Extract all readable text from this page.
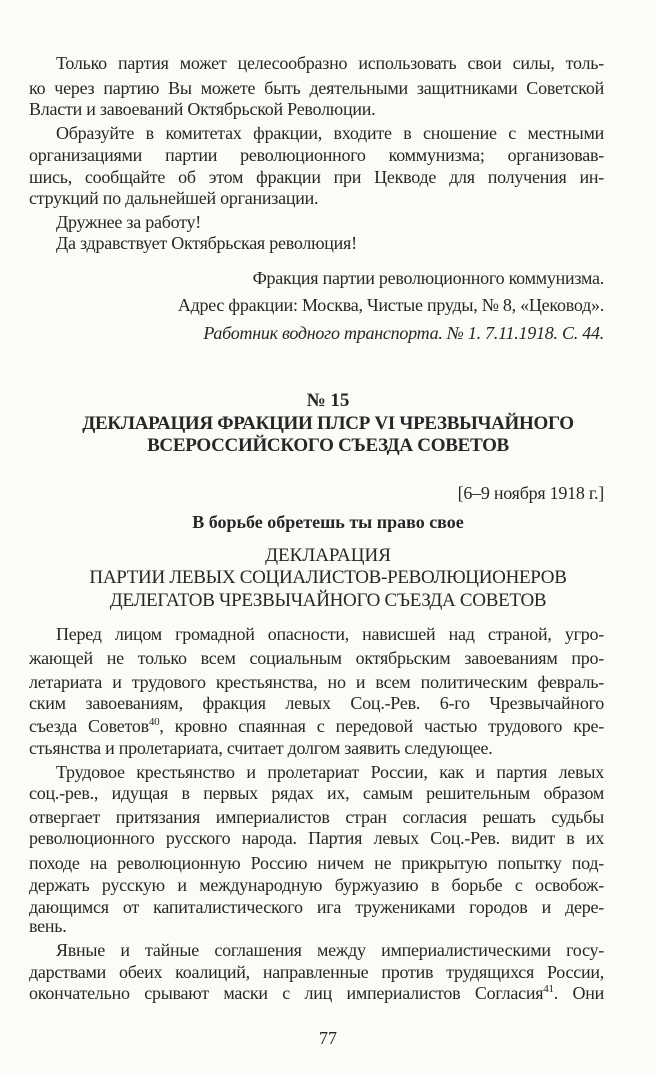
Только партия может целесообразно использовать свои силы, толь-
ко через партию Вы можете быть деятельными защитниками Советской
Власти и завоеваний Октябрьской Революции.
Образуйте в комитетах фракции, входите в сношение с местными
организациями партии революционного коммунизма; организовав-
шись, сообщайте об этом фракции при Цекводе для получения ин-
струкций по дальнейшей организации.
Дружнее за работу!
Да здравствует Октябрьская революция!
Фракция партии революционного коммунизма.
Адрес фракции: Москва, Чистые пруды, № 8, «Цековод».
Работник водного транспорта. № 1. 7.11.1918. С. 44.
№ 15
ДЕКЛАРАЦИЯ ФРАКЦИИ ПЛСР VI ЧРЕЗВЫЧАЙНОГО
ВСЕРОССИЙСКОГО СЪЕЗДА СОВЕТОВ
[6–9 ноября 1918 г.]
В борьбе обретешь ты право свое
ДЕКЛАРАЦИЯ
ПАРТИИ ЛЕВЫХ СОЦИАЛИСТОВ-РЕВОЛЮЦИОНЕРОВ
ДЕЛЕГАТОВ ЧРЕЗВЫЧАЙНОГО СЪЕЗДА СОВЕТОВ
Перед лицом громадной опасности, нависшей над страной, угро-
жающей не только всем социальным октябрьским завоеваниям про-
летариата и трудового крестьянства, но и всем политическим февраль-
ским завоеваниям, фракция левых Соц.-Рев. 6-го Чрезвычайного
съезда Советов$^{40}$, кровно спаянная с передовой частью трудового кре-
стьянства и пролетариата, считает долгом заявить следующее.
Трудовое крестьянство и пролетариат России, как и партия левых
соц.-рев., идущая в первых рядах их, самым решительным образом
отвергает притязания империалистов стран согласия решать судьбы
революционного русского народа. Партия левых Соц.-Рев. видит в их
походе на революционную Россию ничем не прикрытую попытку под-
держать русскую и международную буржуазию в борьбе с освобож-
дающимся от капиталистического ига тружениками городов и дере-
вень.
Явные и тайные соглашения между империалистическими госу-
дарствами обеих коалиций, направленные против трудящихся России,
окончательно срывают маски с лиц империалистов Согласия$^{41}$. Они
77
